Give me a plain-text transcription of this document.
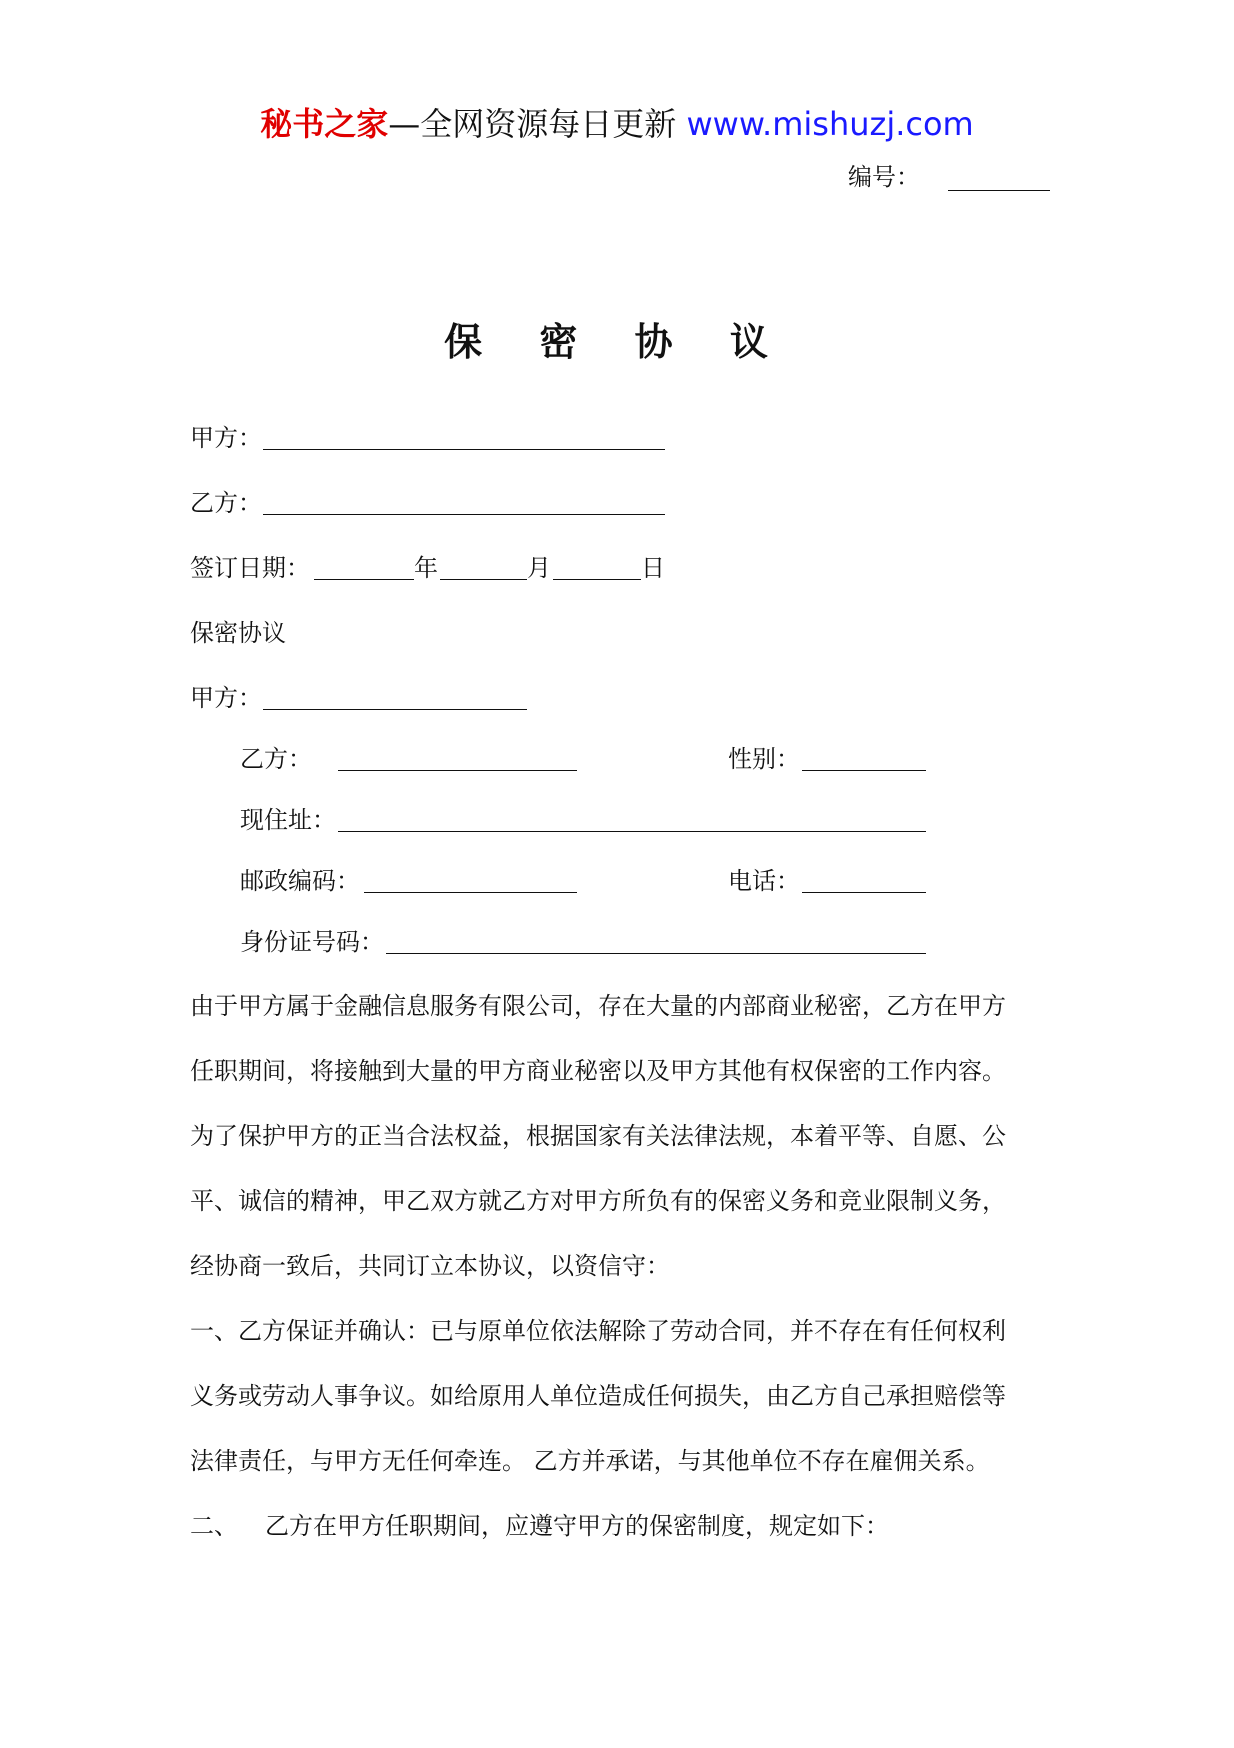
秘书之家—全网资源每日更新 www.mishuzj.com
编号：
保 密 协 议
甲方：
乙方：
签订日期：	年	月	日
保密协议
甲方：
乙方：	性别：
现住址：
邮政编码：	电话：
身份证号码：
由于甲方属于金融信息服务有限公司，存在大量的内部商业秘密，乙方在甲方
任职期间，将接触到大量的甲方商业秘密以及甲方其他有权保密的工作内容。
为了保护甲方的正当合法权益，根据国家有关法律法规，本着平等、自愿、公
平、诚信的精神，甲乙双方就乙方对甲方所负有的保密义务和竞业限制义务，
经协商一致后，共同订立本协议，以资信守：
一、乙方保证并确认：已与原单位依法解除了劳动合同，并不存在有任何权利
义务或劳动人事争议。如给原用人单位造成任何损失，由乙方自己承担赔偿等
法律责任，与甲方无任何牵连。 乙方并承诺，与其他单位不存在雇佣关系。
二、 乙方在甲方任职期间，应遵守甲方的保密制度，规定如下：
